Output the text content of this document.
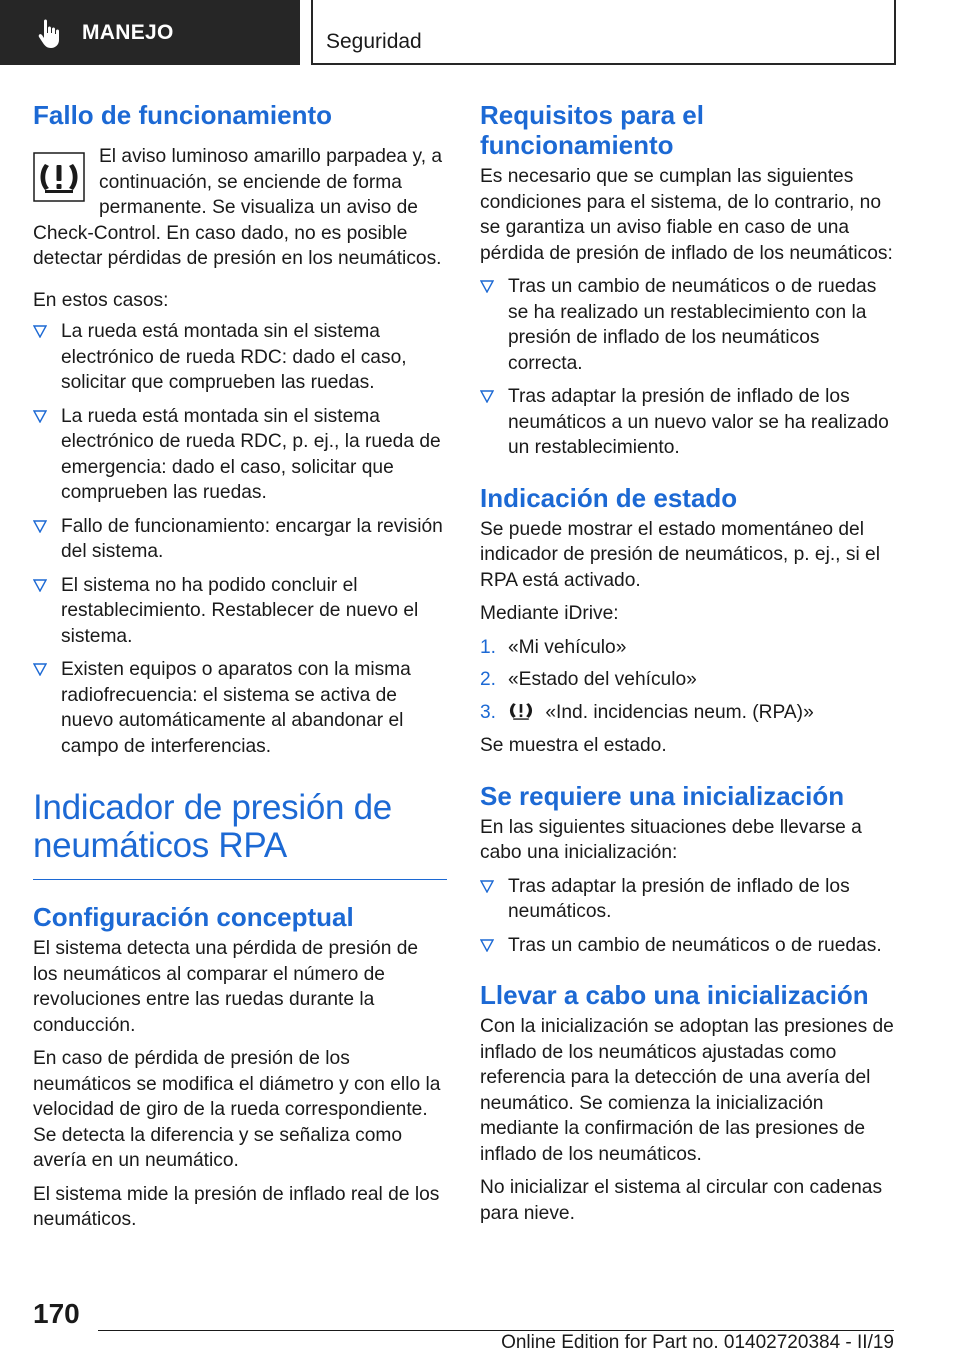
MANEJO	Seguridad
Fallo de funcionamiento
El aviso luminoso amarillo parpadea y, a continuación, se enciende de forma permanente. Se visualiza un aviso de Check-Control. En caso dado, no es posible detectar pérdidas de presión en los neumáticos.
En estos casos:
La rueda está montada sin el sistema electrónico de rueda RDC: dado el caso, solicitar que comprueben las ruedas.
La rueda está montada sin el sistema electrónico de rueda RDC, p. ej., la rueda de emergencia: dado el caso, solicitar que comprueben las ruedas.
Fallo de funcionamiento: encargar la revisión del sistema.
El sistema no ha podido concluir el restablecimiento. Restablecer de nuevo el sistema.
Existen equipos o aparatos con la misma radiofrecuencia: el sistema se activa de nuevo automáticamente al abandonar el campo de interferencias.
Indicador de presión de neumáticos RPA
Configuración conceptual
El sistema detecta una pérdida de presión de los neumáticos al comparar el número de revoluciones entre las ruedas durante la conducción.
En caso de pérdida de presión de los neumáticos se modifica el diámetro y con ello la velocidad de giro de la rueda correspondiente. Se detecta la diferencia y se señaliza como avería en un neumático.
El sistema mide la presión de inflado real de los neumáticos.
Requisitos para el funcionamiento
Es necesario que se cumplan las siguientes condiciones para el sistema, de lo contrario, no se garantiza un aviso fiable en caso de una pérdida de presión de inflado de los neumáticos:
Tras un cambio de neumáticos o de ruedas se ha realizado un restablecimiento con la presión de inflado de los neumáticos correcta.
Tras adaptar la presión de inflado de los neumáticos a un nuevo valor se ha realizado un restablecimiento.
Indicación de estado
Se puede mostrar el estado momentáneo del indicador de presión de neumáticos, p. ej., si el RPA está activado.
Mediante iDrive:
1. «Mi vehículo»
2. «Estado del vehículo»
3.	«Ind. incidencias neum. (RPA)»
Se muestra el estado.
Se requiere una inicialización
En las siguientes situaciones debe llevarse a cabo una inicialización:
Tras adaptar la presión de inflado de los neumáticos.
Tras un cambio de neumáticos o de ruedas.
Llevar a cabo una inicialización
Con la inicialización se adoptan las presiones de inflado de los neumáticos ajustadas como referencia para la detección de una avería del neumático. Se comienza la inicialización mediante la confirmación de las presiones de inflado de los neumáticos.
No inicializar el sistema al circular con cadenas para nieve.
170
Online Edition for Part no. 01402720384 - II/19
